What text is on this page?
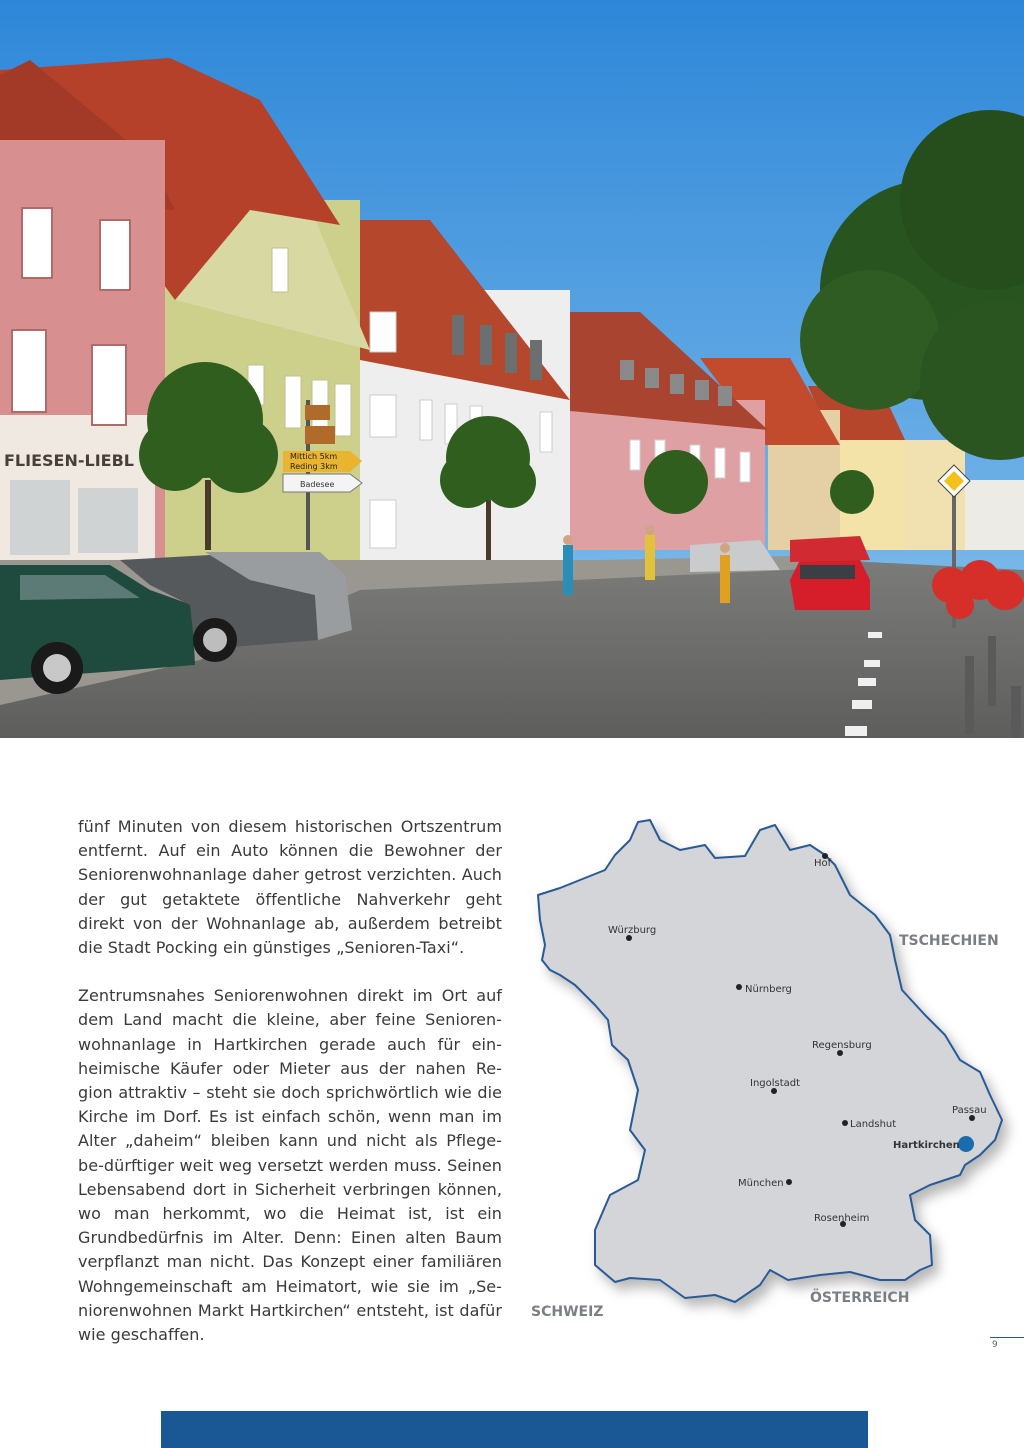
FLIESEN-LIEBL	Mittich 5km
Reding 3km
Badesee

fünf Minuten von diesem historischen Ortszentrum entfernt. Auf ein Auto können die Bewohner der Seniorenwohnanlage daher getrost verzichten. Auch der gut getaktete öffentliche Nahverkehr geht direkt von der Wohnanlage ab, außerdem betreibt die Stadt Pocking ein günstiges „Senioren-Taxi“.

Zentrumsnahes Seniorenwohnen direkt im Ort auf dem Land macht die kleine, aber feine Senioren-wohnanlage in Hartkirchen gerade auch für ein-heimische Käufer oder Mieter aus der nahen Re-gion attraktiv – steht sie doch sprichwörtlich wie die Kirche im Dorf. Es ist einfach schön, wenn man im Alter „daheim“ bleiben kann und nicht als Pflege-be-dürftiger weit weg versetzt werden muss. Seinen Lebensabend dort in Sicherheit verbringen können, wo man herkommt, wo die Heimat ist, ist ein Grundbedürfnis im Alter. Denn: Einen alten Baum verpflanzt man nicht. Das Konzept einer familiären Wohngemeinschaft am Heimatort, wie sie im „Se-niorenwohnen Markt Hartkirchen“ entsteht, ist dafür wie geschaffen.

Hof
Würzburg
Nürnberg
Regensburg
Ingolstadt
Landshut
Passau
Hartkirchen
München
Rosenheim
TSCHECHIEN
ÖSTERREICH
SCHWEIZ
9
